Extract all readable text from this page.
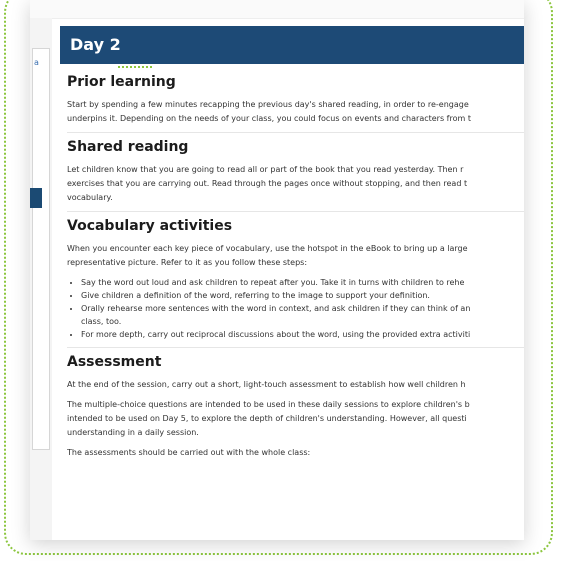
a
Day 2
Prior learning

Start by spending a few minutes recapping the previous day's shared reading, in order to re-engage
underpins it. Depending on the needs of your class, you could focus on events and characters from t

Shared reading

Let children know that you are going to read all or part of the book that you read yesterday. Then r
exercises that you are carrying out. Read through the pages once without stopping, and then read t
vocabulary.

Vocabulary activities

When you encounter each key piece of vocabulary, use the hotspot in the eBook to bring up a large
representative picture. Refer to it as you follow these steps:

• Say the word out loud and ask children to repeat after you. Take it in turns with children to rehe
• Give children a definition of the word, referring to the image to support your definition.
• Orally rehearse more sentences with the word in context, and ask children if they can think of an
class, too.
• For more depth, carry out reciprocal discussions about the word, using the provided extra activiti
Assessment

At the end of the session, carry out a short, light-touch assessment to establish how well children h

The multiple-choice questions are intended to be used in these daily sessions to explore children's b
intended to be used on Day 5, to explore the depth of children's understanding. However, all questi
understanding in a daily session.

The assessments should be carried out with the whole class:
